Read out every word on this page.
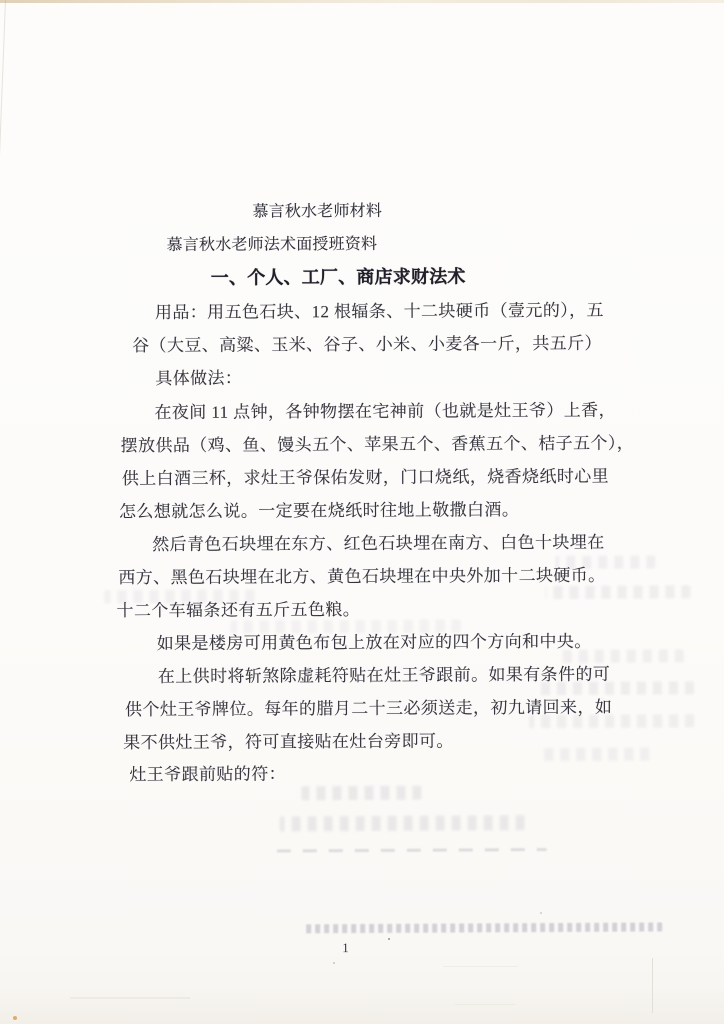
慕言秋水老师材料
慕言秋水老师法术面授班资料
一、个人、工厂、商店求财法术
用品：用五色石块、12 根辐条、十二块硬币（壹元的），五
谷（大豆、高粱、玉米、谷子、小米、小麦各一斤，共五斤）
具体做法：
在夜间 11 点钟，各钟物摆在宅神前（也就是灶王爷）上香，
摆放供品（鸡、鱼、馒头五个、苹果五个、香蕉五个、桔子五个），
供上白酒三杯，求灶王爷保佑发财，门口烧纸，烧香烧纸时心里
怎么想就怎么说。一定要在烧纸时往地上敬撒白酒。
然后青色石块埋在东方、红色石块埋在南方、白色十块埋在
西方、黑色石块埋在北方、黄色石块埋在中央外加十二块硬币。
十二个车辐条还有五斤五色粮。
如果是楼房可用黄色布包上放在对应的四个方向和中央。
在上供时将斩煞除虚耗符贴在灶王爷跟前。如果有条件的可
供个灶王爷牌位。每年的腊月二十三必须送走，初九请回来，如
果不供灶王爷，符可直接贴在灶台旁即可。
灶王爷跟前贴的符：
1
